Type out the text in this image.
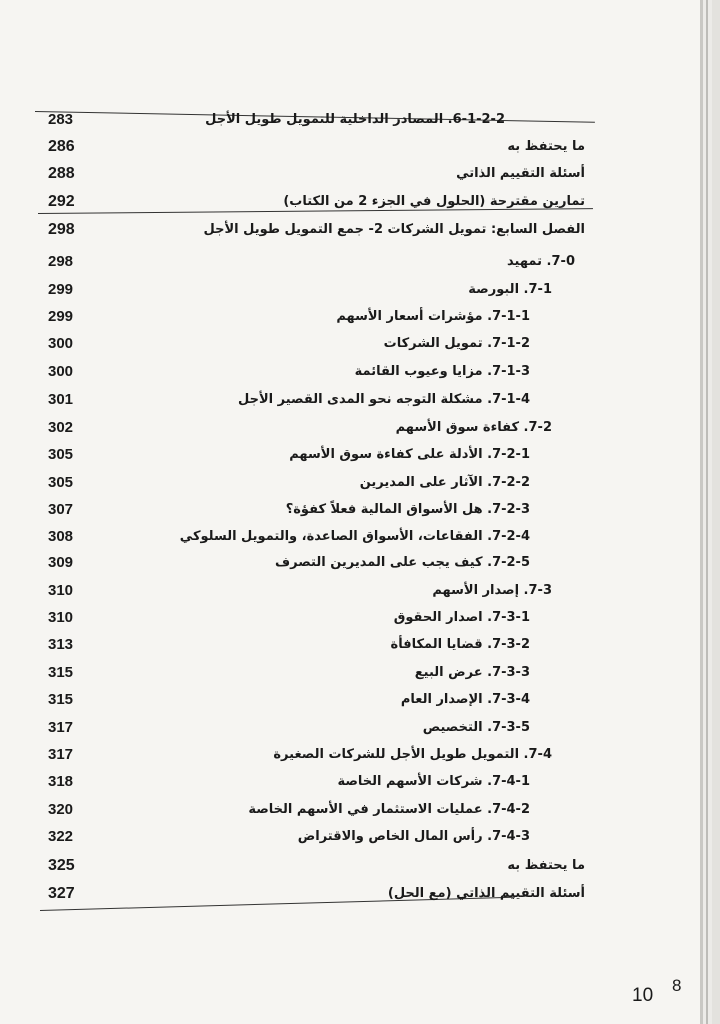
283	6-1-2-2. المصادر الداخلية للتمويل طويل الأجل
286	ما يحتفظ به
288	أسئلة التقييم الذاتي
292	تمارين مقترحة (الحلول في الجزء 2 من الكتاب)
298	الفصل السابع: تمويل الشركات 2- جمع التمويل طويل الأجل
298	7-0. تمهيد
299	7-1. البورصة
299	7-1-1. مؤشرات أسعار الأسهم
300	7-1-2. تمويل الشركات
300	7-1-3. مزايا وعيوب القائمة
301	7-1-4. مشكلة التوجه نحو المدى القصير الأجل
302	7-2. كفاءة سوق الأسهم
305	7-2-1. الأدلة على كفاءة سوق الأسهم
305	7-2-2. الآثار على المديرين
307	7-2-3. هل الأسواق المالية فعلاً كفؤة؟
308	7-2-4. الفقاعات، الأسواق الصاعدة، والتمويل السلوكي
309	7-2-5. كيف يجب على المديرين التصرف
310	7-3. إصدار الأسهم
310	7-3-1. اصدار الحقوق
313	7-3-2. قضايا المكافأة
315	7-3-3. عرض البيع
315	7-3-4. الإصدار العام
317	7-3-5. التخصيص
317	7-4. التمويل طويل الأجل للشركات الصغيرة
318	7-4-1. شركات الأسهم الخاصة
320	7-4-2. عمليات الاستثمار في الأسهم الخاصة
322	7-4-3. رأس المال الخاص والاقتراض
325	ما يحتفظ به
327	أسئلة التقييم الذاتي (مع الحل)
8
10
